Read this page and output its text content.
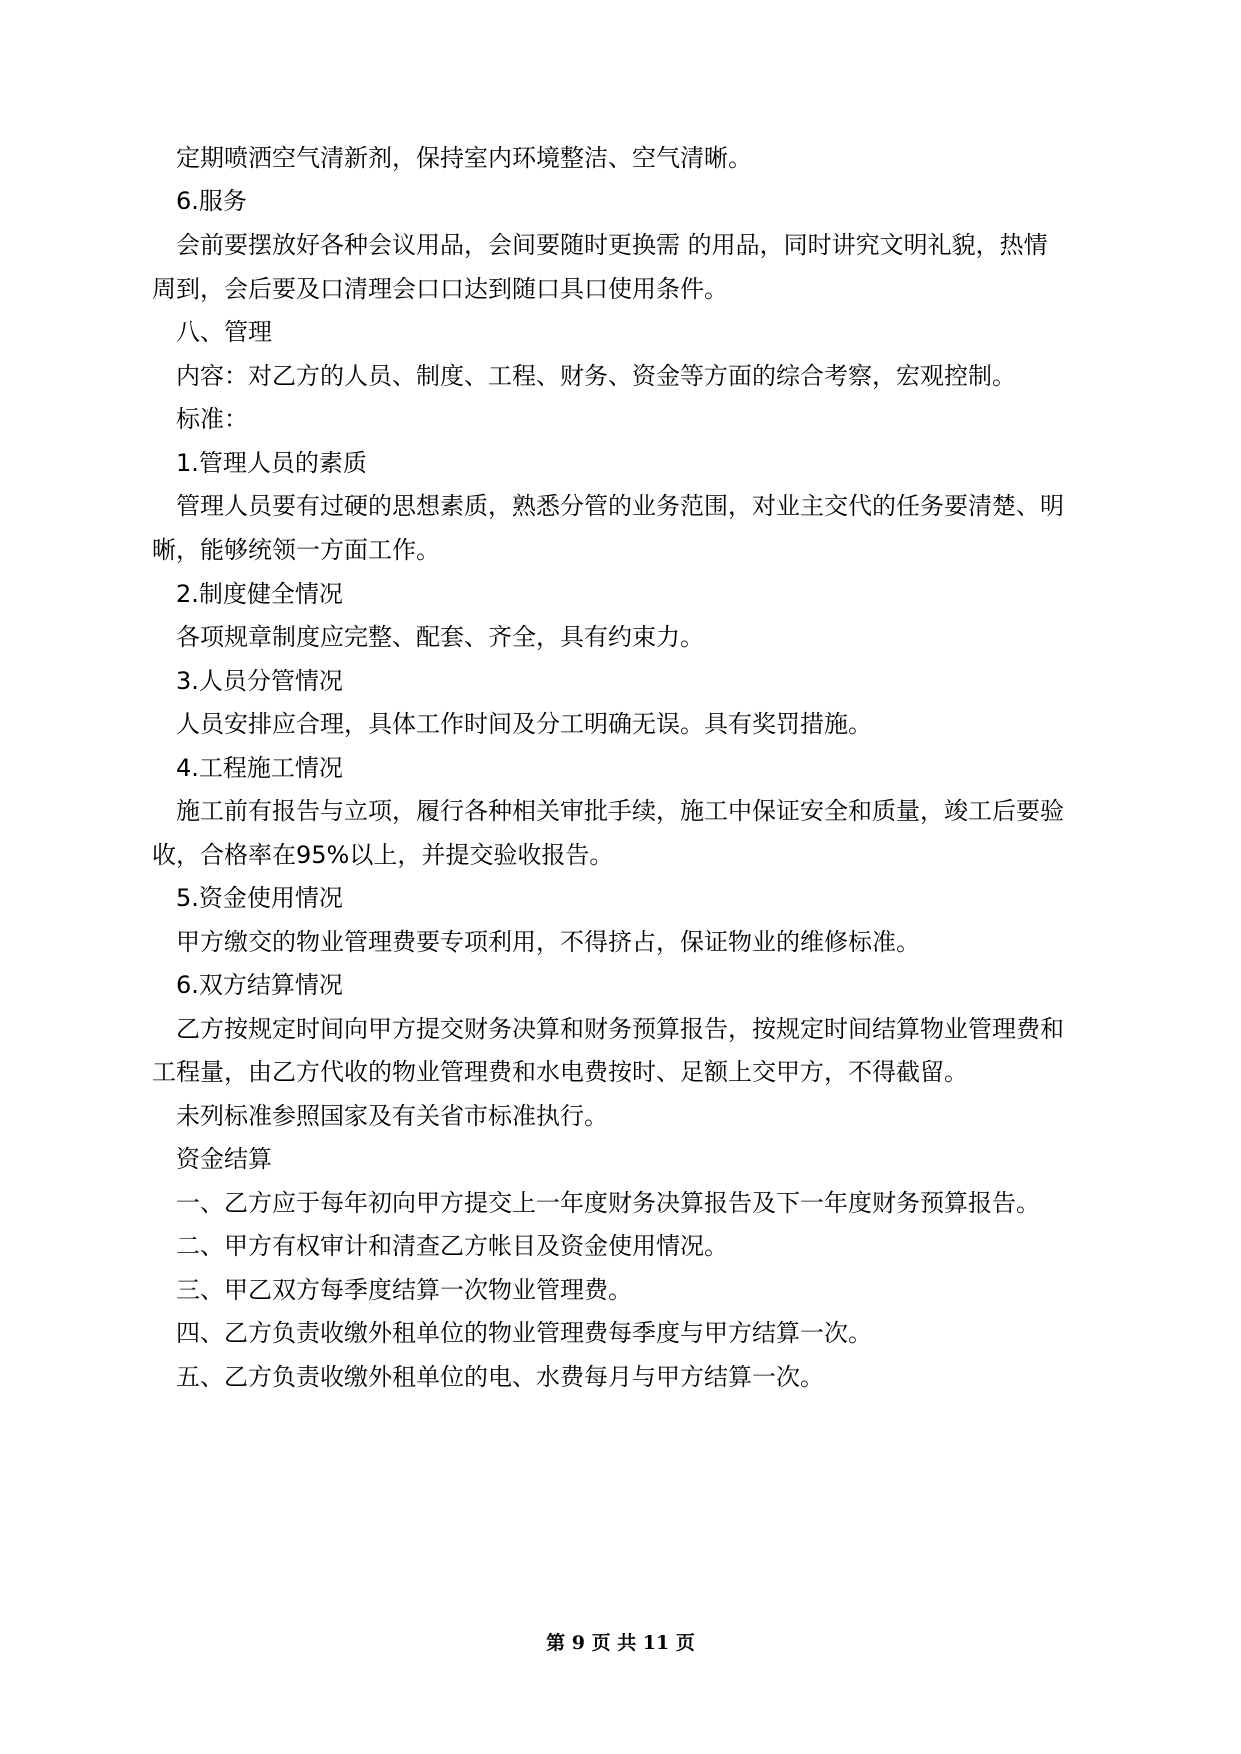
定期喷洒空气清新剂，保持室内环境整洁、空气清晰。
6.服务
会前要摆放好各种会议用品，会间要随时更换需 的用品，同时讲究文明礼貌，热情
周到，会后要及口清理会口口达到随口具口使用条件。
八、管理
内容：对乙方的人员、制度、工程、财务、资金等方面的综合考察，宏观控制。
标准：
1.管理人员的素质
管理人员要有过硬的思想素质，熟悉分管的业务范围，对业主交代的任务要清楚、明
晰，能够统领一方面工作。
2.制度健全情况
各项规章制度应完整、配套、齐全，具有约束力。
3.人员分管情况
人员安排应合理，具体工作时间及分工明确无误。具有奖罚措施。
4.工程施工情况
施工前有报告与立项，履行各种相关审批手续，施工中保证安全和质量，竣工后要验
收，合格率在95%以上，并提交验收报告。
5.资金使用情况
甲方缴交的物业管理费要专项利用，不得挤占，保证物业的维修标准。
6.双方结算情况
乙方按规定时间向甲方提交财务决算和财务预算报告，按规定时间结算物业管理费和
工程量，由乙方代收的物业管理费和水电费按时、足额上交甲方，不得截留。
未列标准参照国家及有关省市标准执行。
资金结算
一、乙方应于每年初向甲方提交上一年度财务决算报告及下一年度财务预算报告。
二、甲方有权审计和清查乙方帐目及资金使用情况。
三、甲乙双方每季度结算一次物业管理费。
四、乙方负责收缴外租单位的物业管理费每季度与甲方结算一次。
五、乙方负责收缴外租单位的电、水费每月与甲方结算一次。
第 9 页 共 11 页
